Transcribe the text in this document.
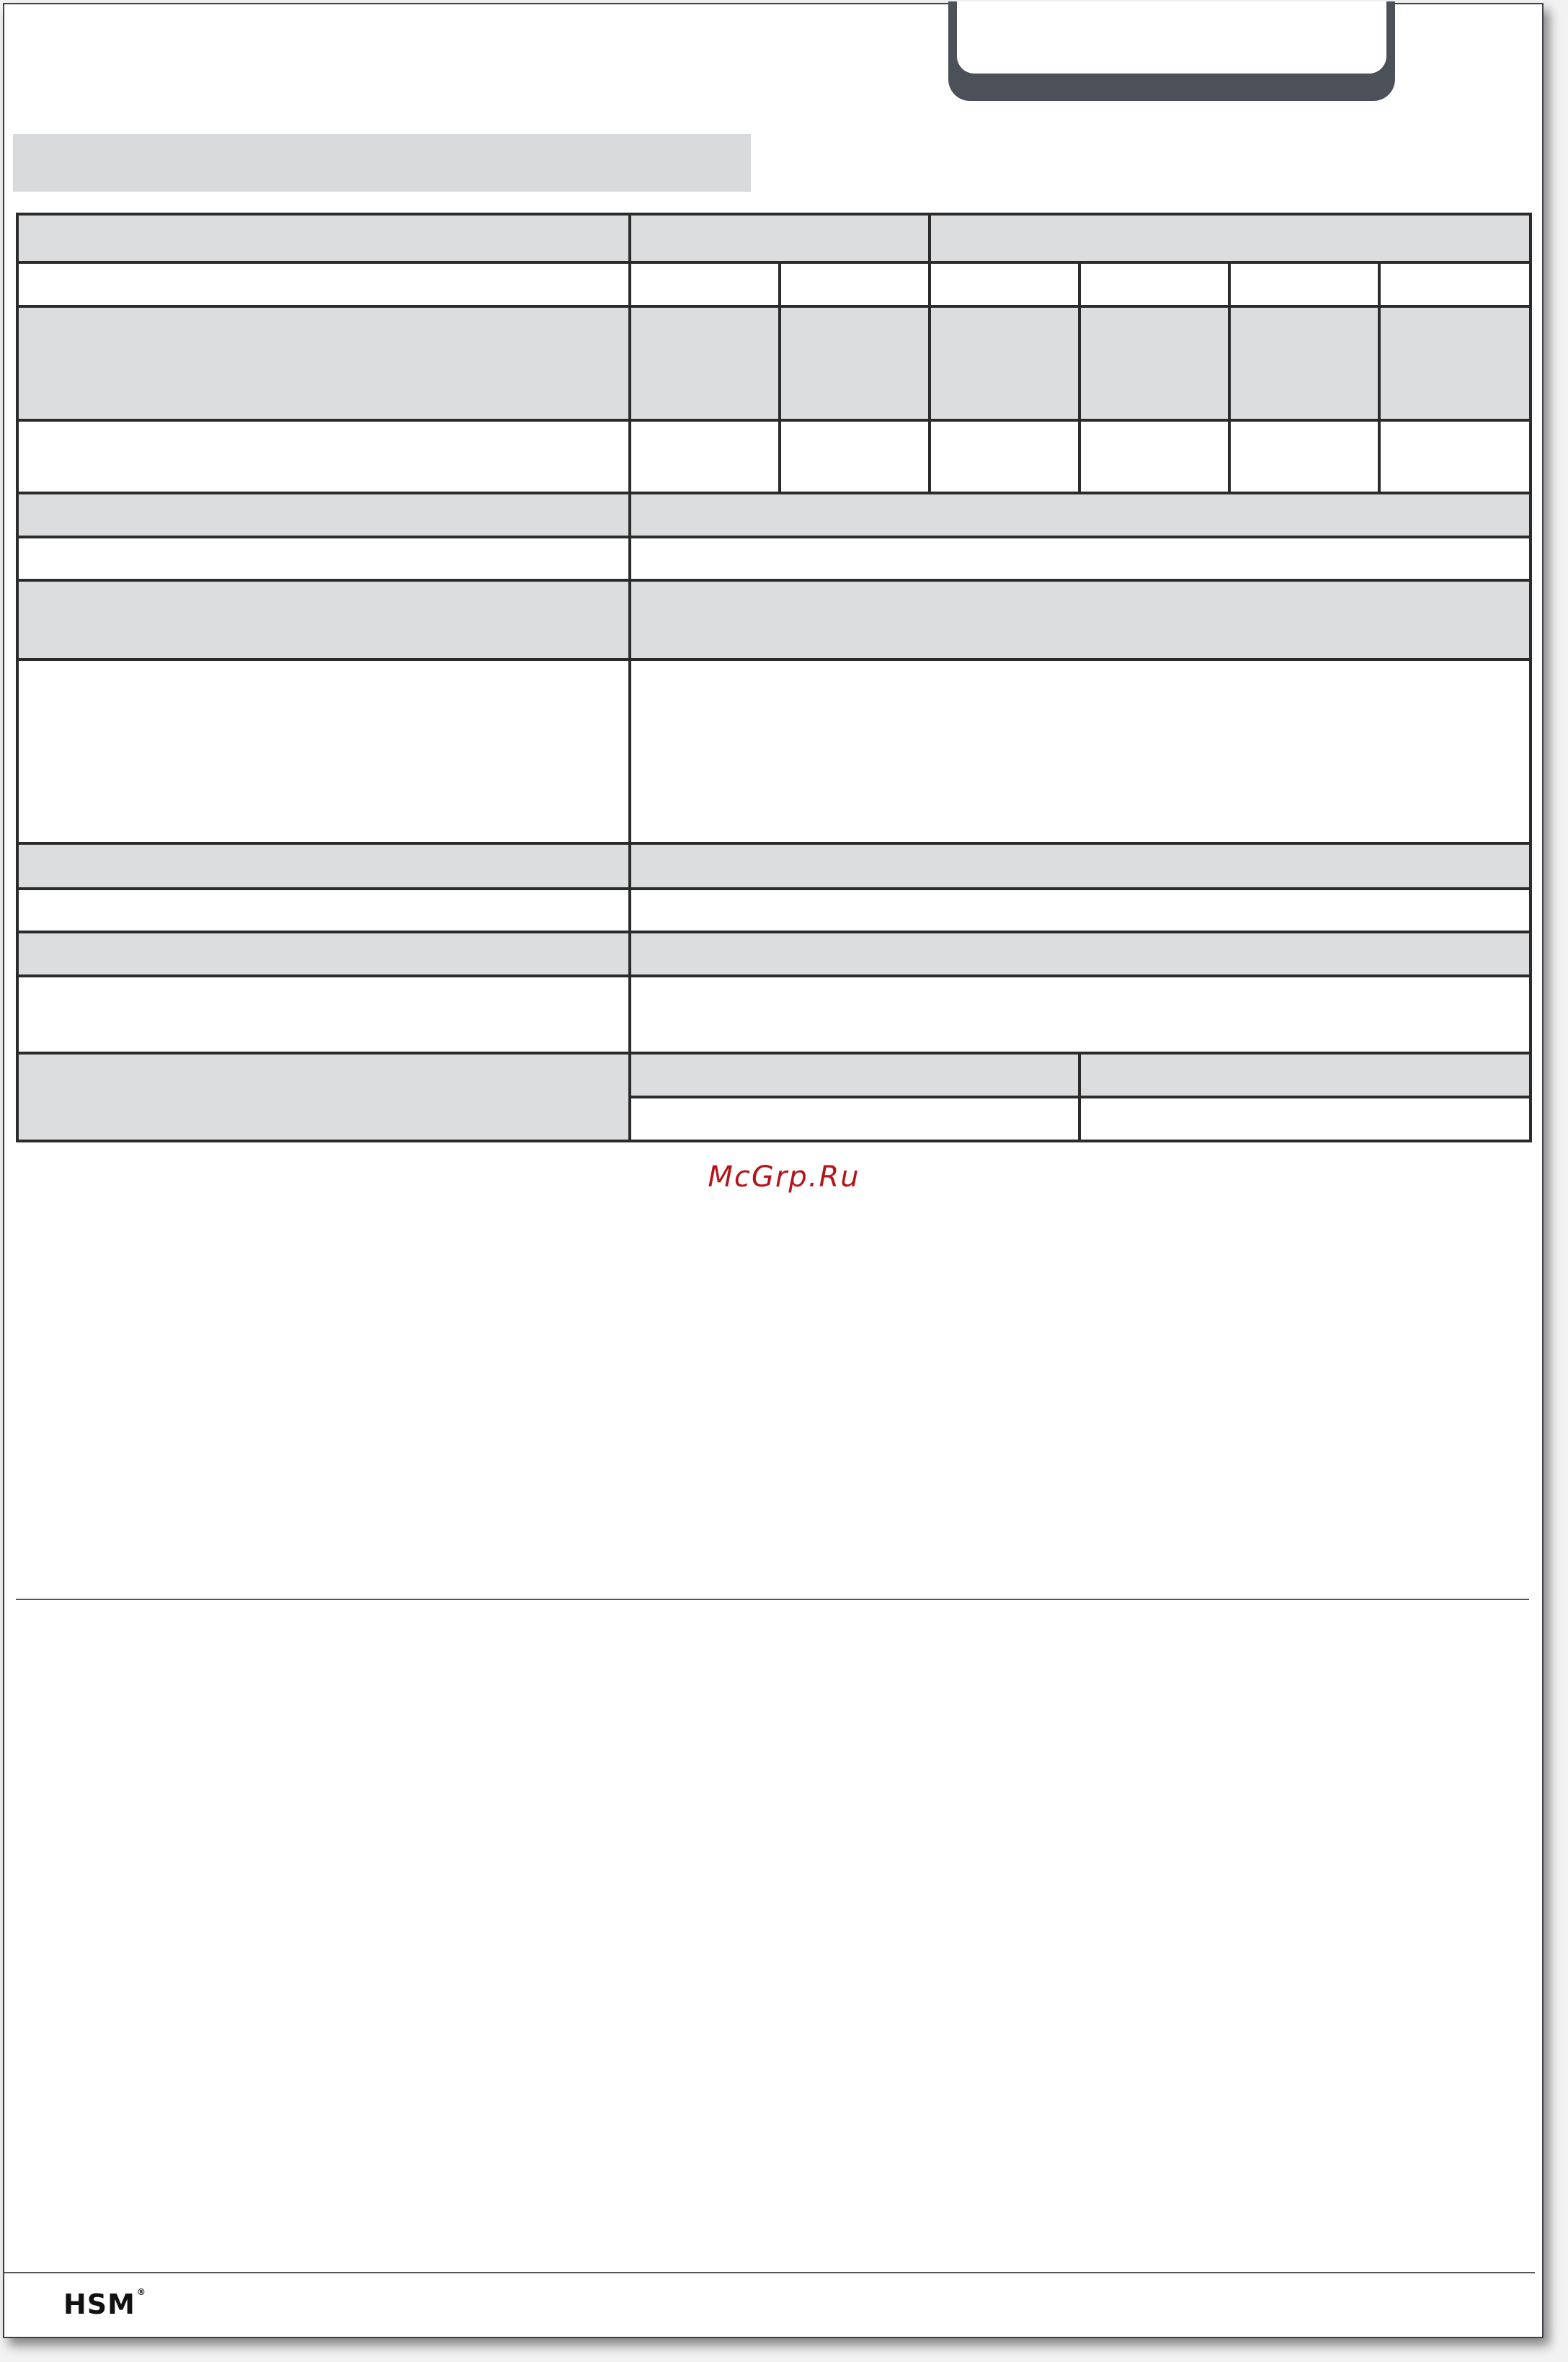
McGrp.Ru
HSM ®
